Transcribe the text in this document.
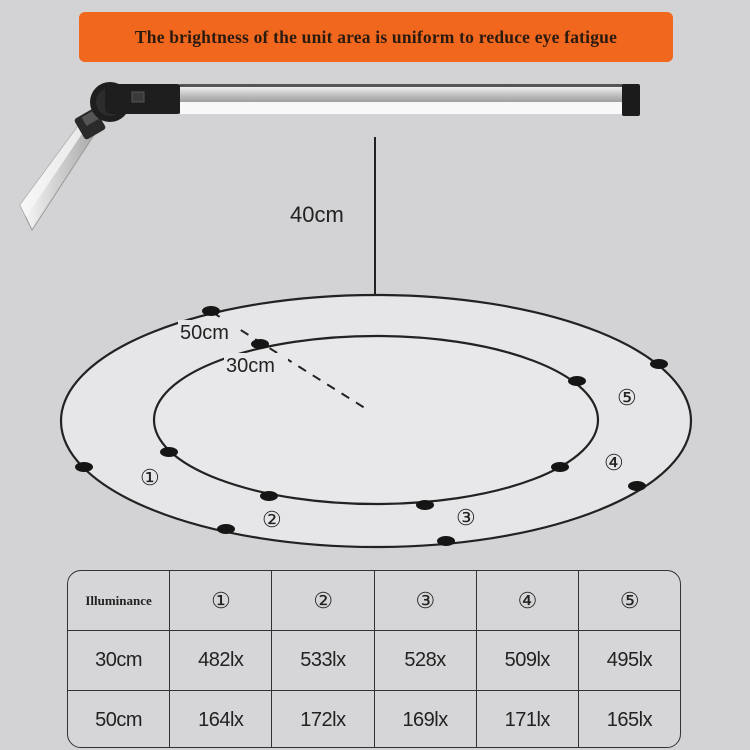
The brightness of the unit area is uniform to reduce eye fatigue
40cm
50cm
30cm
①
②	③
④
⑤
Illuminance	①	②	③	④	⑤
30cm	482lx	533lx	528x	509lx	495lx
50cm	164lx	172lx	169lx	171lx	165lx
